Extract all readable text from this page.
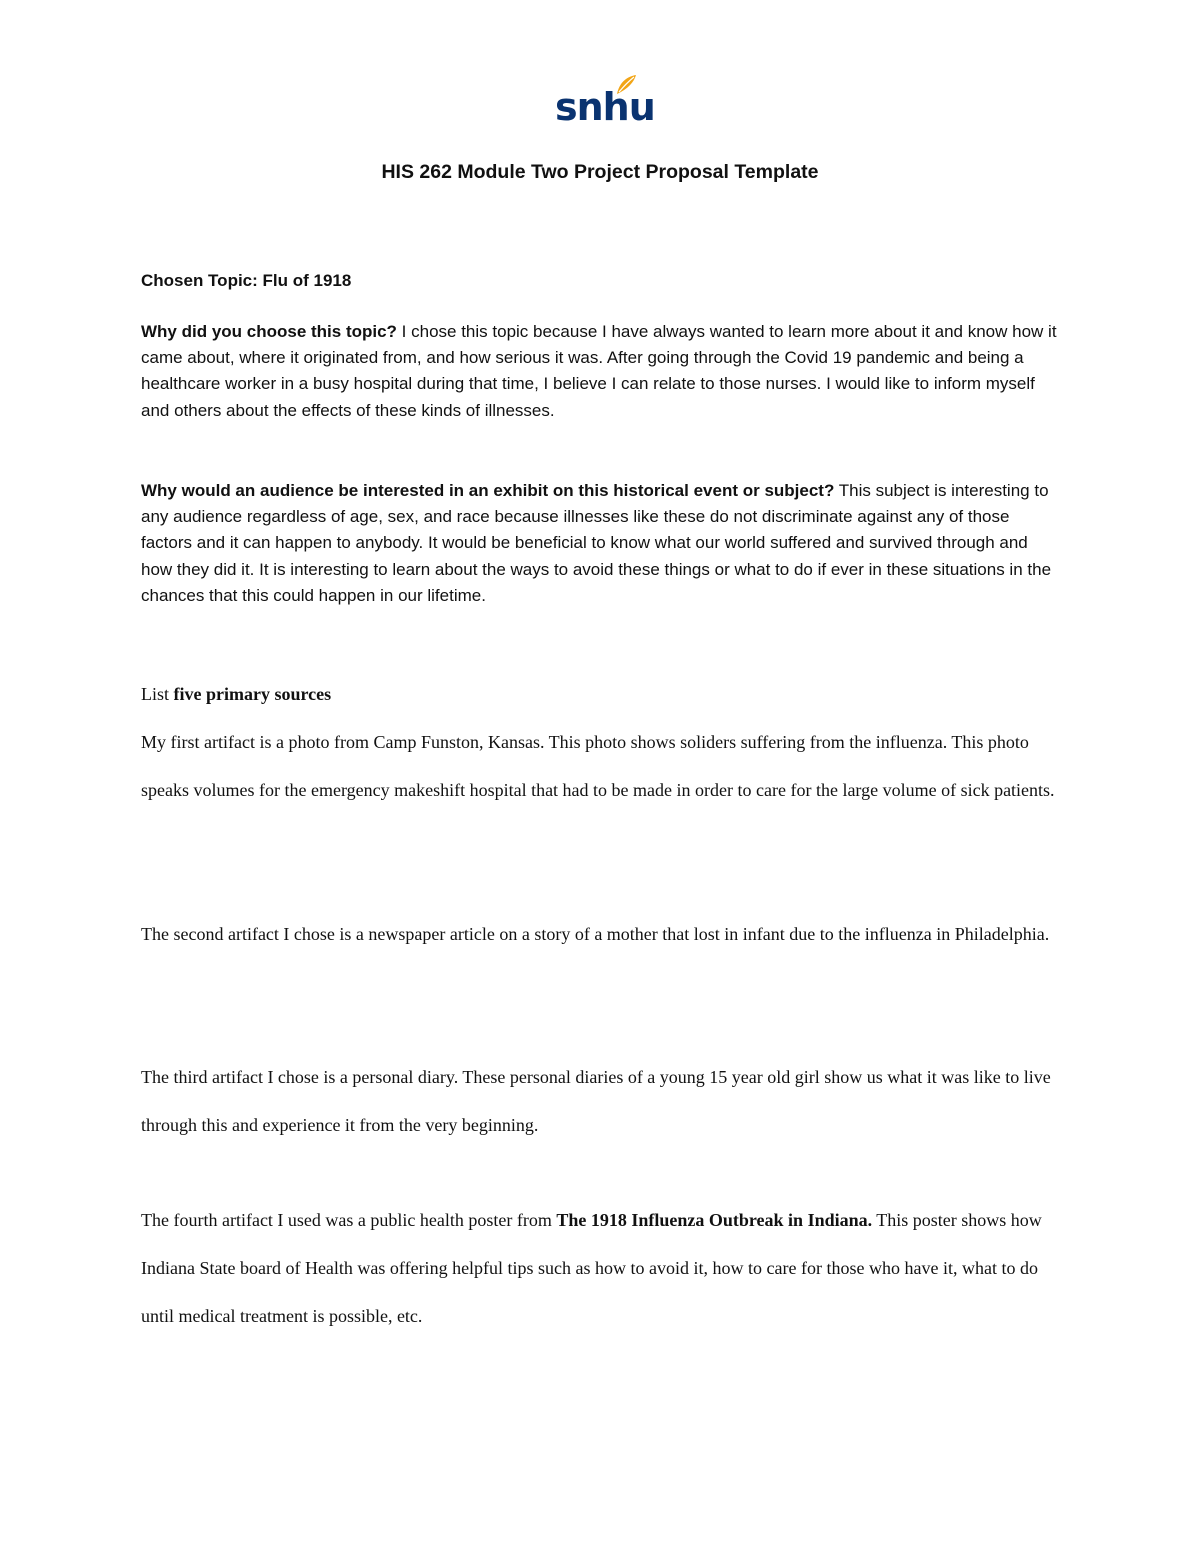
snhu
HIS 262 Module Two Project Proposal Template
Chosen Topic: Flu of 1918
Why did you choose this topic? I chose this topic because I have always wanted to learn more about it and know how it came about, where it originated from, and how serious it was. After going through the Covid 19 pandemic and being a healthcare worker in a busy hospital during that time, I believe I can relate to those nurses. I would like to inform myself and others about the effects of these kinds of illnesses.
Why would an audience be interested in an exhibit on this historical event or subject? This subject is interesting to any audience regardless of age, sex, and race because illnesses like these do not discriminate against any of those factors and it can happen to anybody. It would be beneficial to know what our world suffered and survived through and how they did it. It is interesting to learn about the ways to avoid these things or what to do if ever in these situations in the chances that this could happen in our lifetime.
List five primary sources
My first artifact is a photo from Camp Funston, Kansas. This photo shows soliders suffering from the influenza. This photo speaks volumes for the emergency makeshift hospital that had to be made in order to care for the large volume of sick patients.
The second artifact I chose is a newspaper article on a story of a mother that lost in infant due to the influenza in Philadelphia.
The third artifact I chose is a personal diary. These personal diaries of a young 15 year old girl show us what it was like to live through this and experience it from the very beginning.
The fourth artifact I used was a public health poster from The 1918 Influenza Outbreak in Indiana. This poster shows how Indiana State board of Health was offering helpful tips such as how to avoid it, how to care for those who have it, what to do until medical treatment is possible, etc.
